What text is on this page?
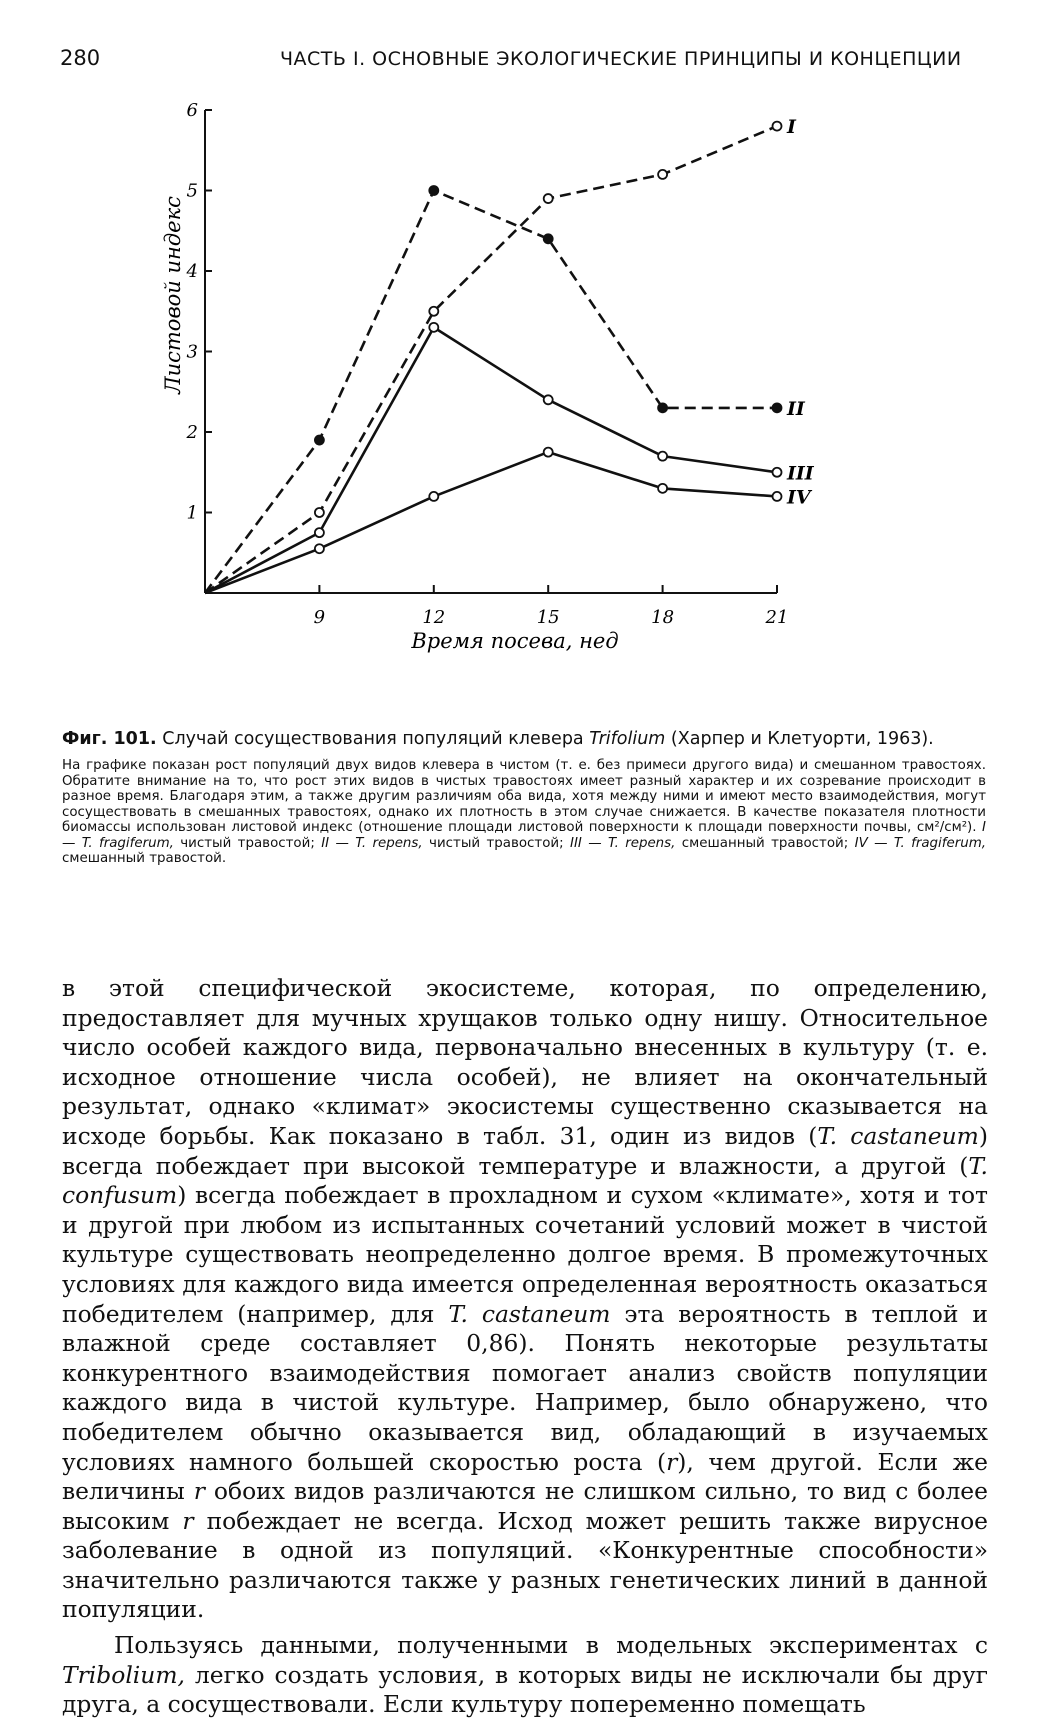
280	ЧАСТЬ I. ОСНОВНЫЕ ЭКОЛОГИЧЕСКИЕ ПРИНЦИПЫ И КОНЦЕПЦИИ
I
II
III
IV
1
2
3
4
5
6
9	12	15	18	21
Листовой индекс
Время посева, нед

Фиг. 101. Случай сосуществования популяций клевера Trifolium (Харпер и Клетуорти, 1963).

На графике показан рост популяций двух видов клевера в чистом (т. е. без примеси другого вида) и смешанном травостоях. Обратите внимание на то, что рост этих видов в чистых травостоях имеет разный характер и их созревание происходит в разное время. Благодаря этим, а также другим различиям оба вида, хотя между ними и имеют место взаимодействия, могут сосуществовать в смешанных травостоях, однако их плотность в этом случае снижается. В качестве показателя плотности биомассы использован листовой индекс (отношение площади листовой поверхности к площади поверхности почвы, см²/см²). I — T. fragiferum, чистый травостой; II — T. repens, чистый травостой; III — T. repens, смешанный травостой; IV — T. fragiferum, смешанный травостой.

в этой специфической экосистеме, которая, по определению, предоставляет для мучных хрущаков только одну нишу. Относительное число особей каждого вида, первоначально внесенных в культуру (т. е. исходное отношение числа особей), не влияет на окончательный результат, однако «климат» экосистемы существенно сказывается на исходе борьбы. Как показано в табл. 31, один из видов (T. castaneum) всегда побеждает при высокой температуре и влажности, а другой (T. confusum) всегда побеждает в прохладном и сухом «климате», хотя и тот и другой при любом из испытанных сочетаний условий может в чистой культуре существовать неопределенно долгое время. В промежуточных условиях для каждого вида имеется определенная вероятность оказаться победителем (например, для T. castaneum эта вероятность в теплой и влажной среде составляет 0,86). Понять некоторые результаты конкурентного взаимодействия помогает анализ свойств популяции каждого вида в чистой культуре. Например, было обнаружено, что победителем обычно оказывается вид, обладающий в изучаемых условиях намного большей скоростью роста (r), чем другой. Если же величины r обоих видов различаются не слишком сильно, то вид с более высоким r побеждает не всегда. Исход может решить также вирусное заболевание в одной из популяций. «Конкурентные способности» значительно различаются также у разных генетических линий в данной популяции.

Пользуясь данными, полученными в модельных экспериментах с Tribolium, легко создать условия, в которых виды не исключали бы друг друга, а сосуществовали. Если культуру попеременно помещать
